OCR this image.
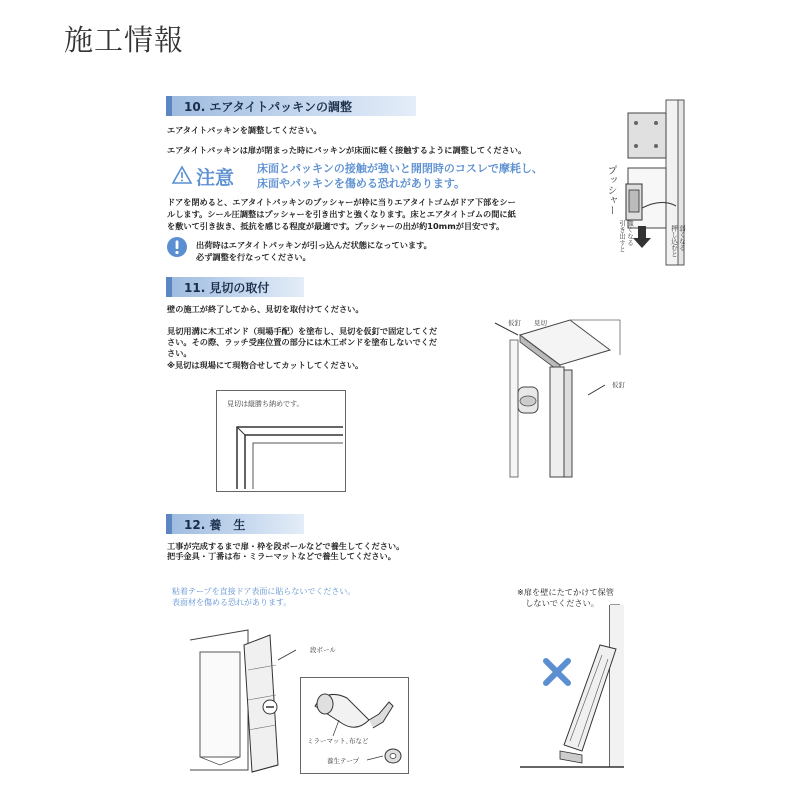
施工情報
10. エアタイトパッキンの調整
エアタイトパッキンを調整してください。
エアタイトパッキンは扉が閉まった時にパッキンが床面に軽く接触するように調整してください。
注意 床面とパッキンの接触が強いと開閉時のコスレで摩耗し、
床面やパッキンを傷める恐れがあります。
ドアを閉めると、エアタイトパッキンのプッシャーが枠に当りエアタイトゴムがドア下部をシー
ルします。シール圧調整はプッシャーを引き出すと強くなります。床とエアタイトゴムの間に紙
を敷いて引き抜き、抵抗を感じる程度が最適です。プッシャーの出が約10mmが目安です。
出荷時はエアタイトパッキンが引っ込んだ状態になっています。
必ず調整を行なってください。
プッシャー
引き出すと 強くなる	押し込むと 弱くなる
11. 見切の取付
壁の施工が終了してから、見切を取付けてください。
見切用溝に木工ボンド（現場手配）を塗布し、見切を仮釘で固定してくだ
さい。その際、ラッチ受座位置の部分には木工ボンドを塗布しないでくだ
さい。
※見切は現場にて現物合せしてカットしてください。
見切は縦勝ち納めです。
仮釘 見切
仮釘
12. 養　生
工事が完成するまで扉・枠を段ボールなどで養生してください。
把手金具・丁番は布・ミラーマットなどで養生してください。
粘着テープを直接ドア表面に貼らないでください。
表面材を傷める恐れがあります。
※扉を壁にたてかけて保管
　しないでください。
段ボール
ミラーマット､布など
養生テープ
